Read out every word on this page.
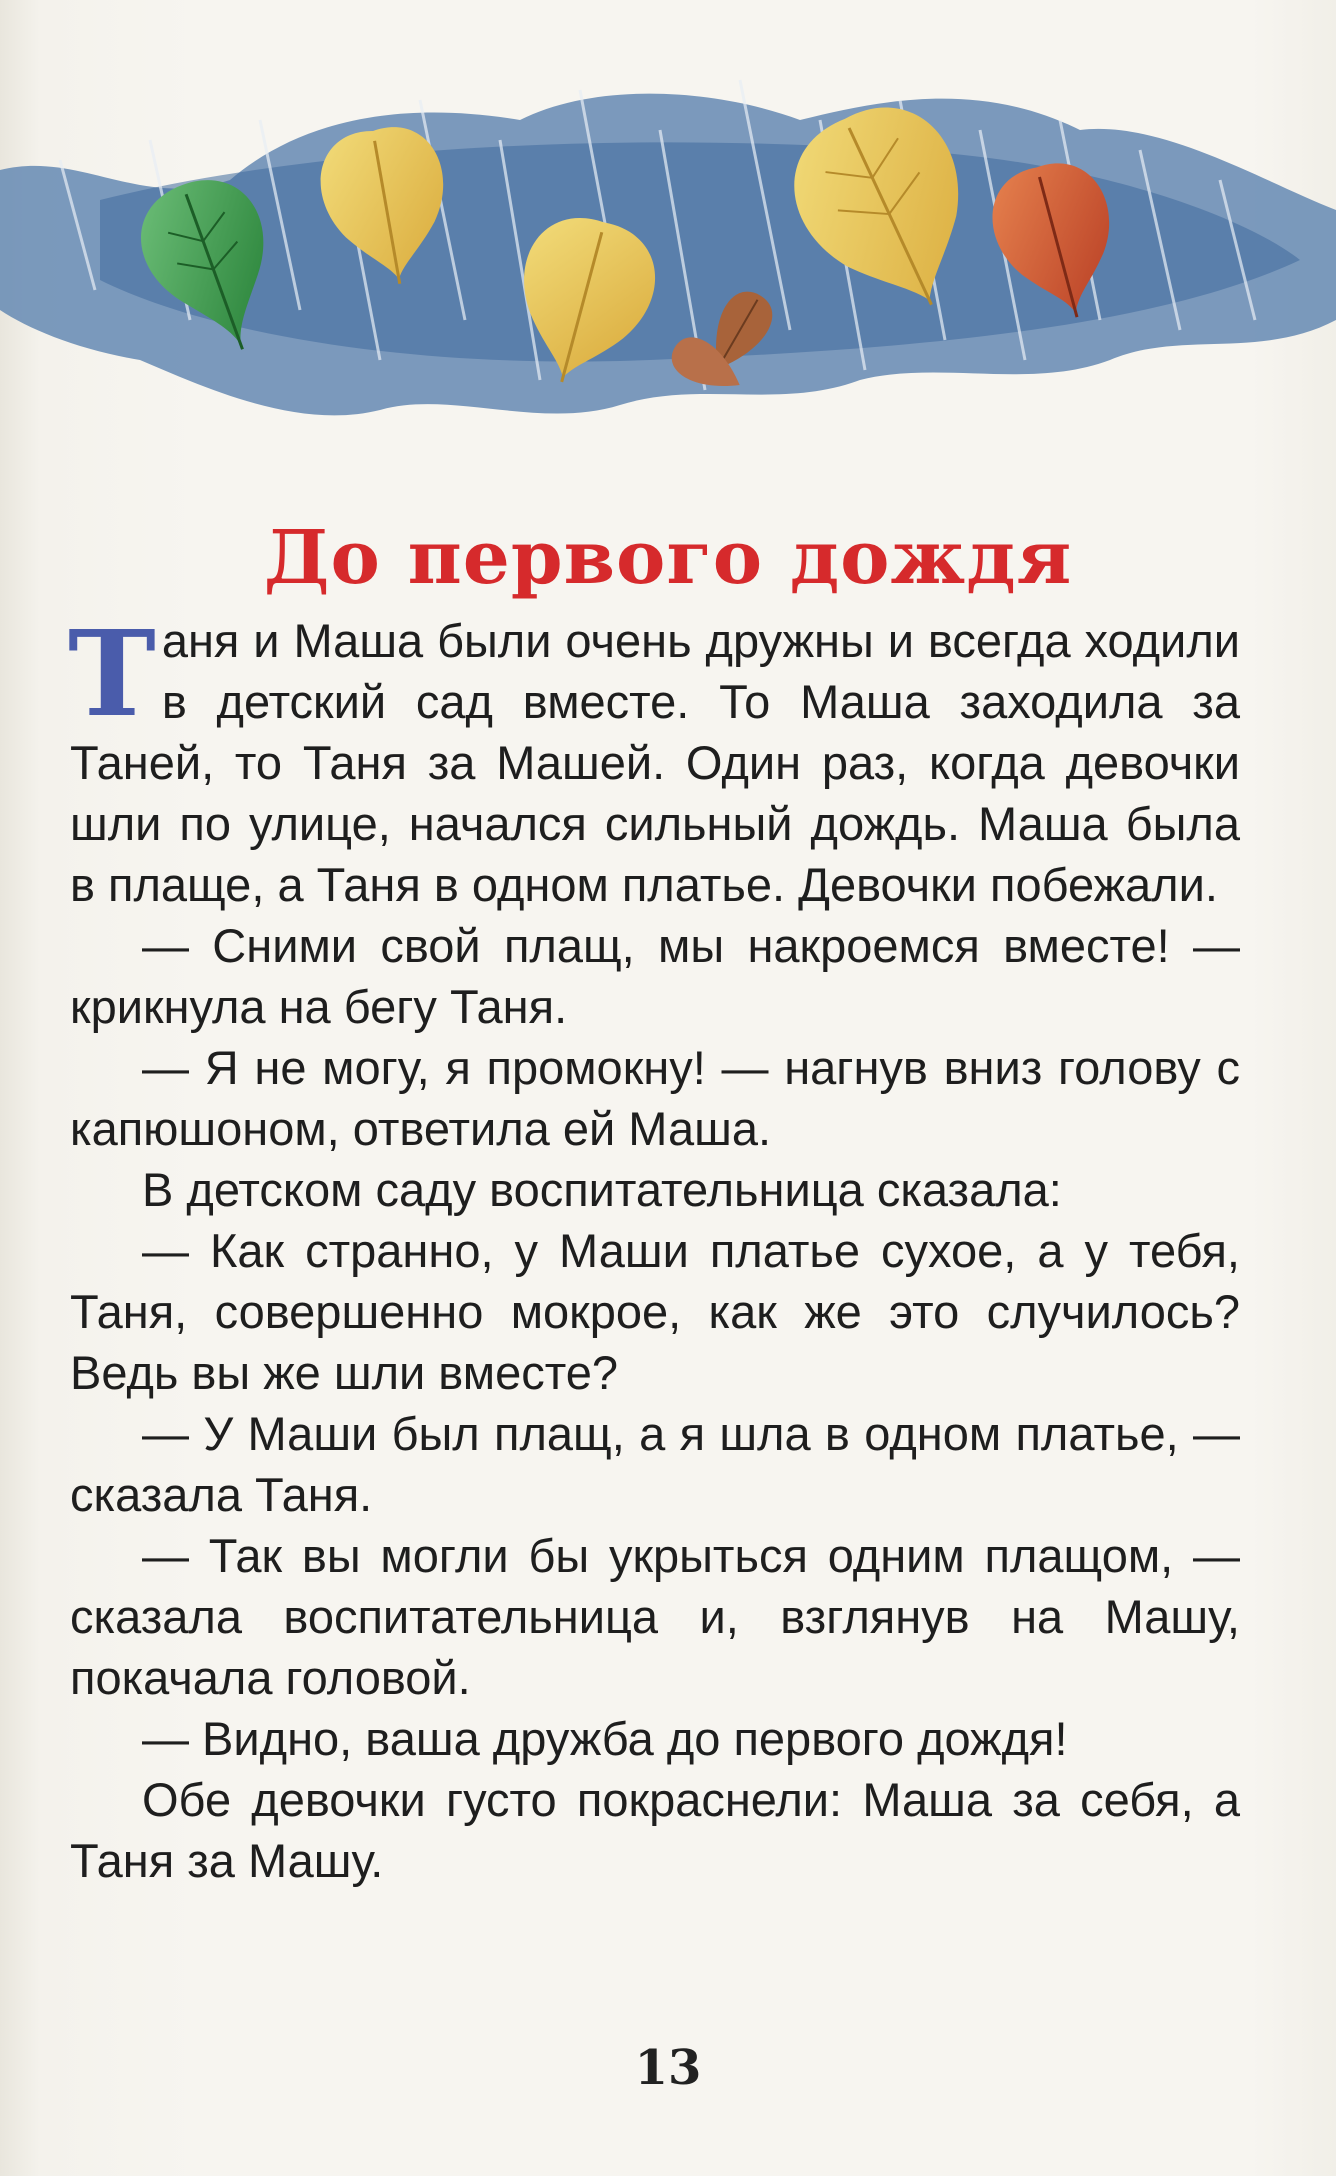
До первого дождя

Таня и Маша были очень дружны и всегда ходили в детский сад вместе. То Маша заходила за Таней, то Таня за Машей. Один раз, когда девочки шли по улице, начался сильный дождь. Маша была в плаще, а Таня в одном платье. Девочки побежали.

— Сними свой плащ, мы накроемся вместе! — крикнула на бегу Таня.

— Я не могу, я промокну! — нагнув вниз голову с капюшоном, ответила ей Маша.

В детском саду воспитательница сказала:

— Как странно, у Маши платье сухое, а у тебя, Таня, совершенно мокрое, как же это случилось? Ведь вы же шли вместе?

— У Маши был плащ, а я шла в одном платье, — сказала Таня.

— Так вы могли бы укрыться одним плащом, — сказала воспитательница и, взглянув на Машу, покачала головой.

— Видно, ваша дружба до первого дождя!

Обе девочки густо покраснели: Маша за себя, а Таня за Машу.

13
